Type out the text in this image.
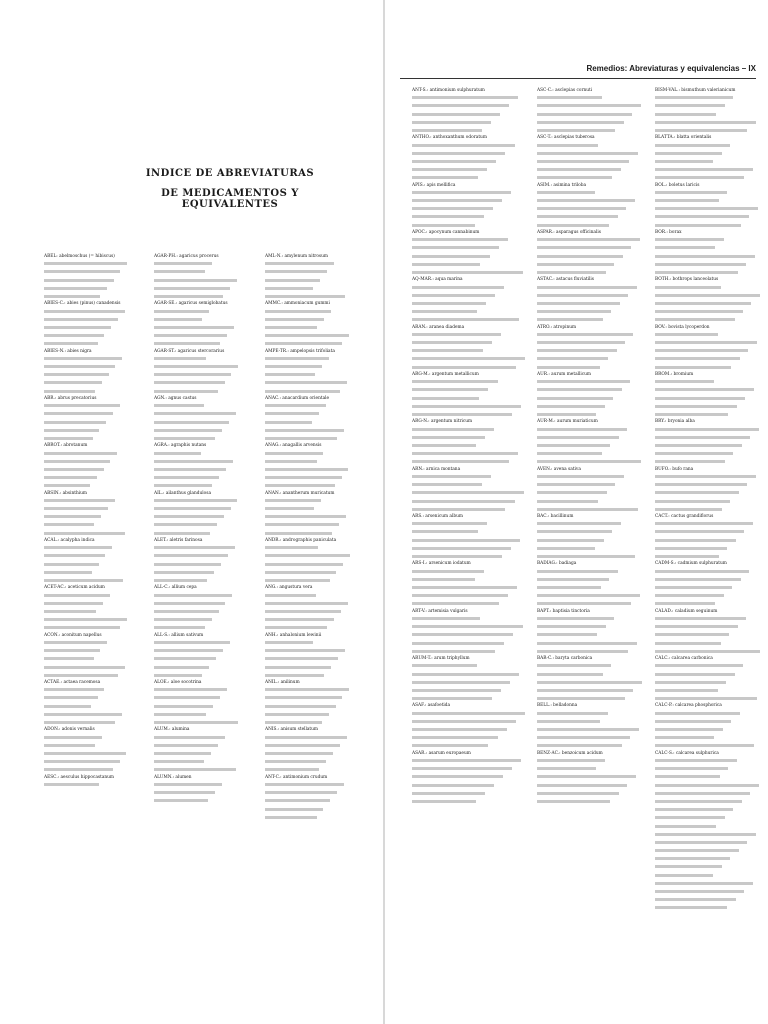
INDICE DE ABREVIATURAS
DE MEDICAMENTOS Y EQUIVALENTES
Remedios: Abreviaturas y equivalencias – IX

ABEL: abelmoschus (= hibiscus)

ABIES-C.: abies (pinus) canadensis

ABIES-N.: abies nigra

ABR.: abrus precatorius

ABROT.: abrotanum

ABSIN.: absinthium

ACAL.: acalypha indica

ACET-AC.: aceticum acidum

ACON.: aconitum napellus

ACTAE.: actaea racemosa

ADON.: adonis vernalis

AESC.: aesculus hippocastanum

AGAR-PH.: agaricus procerus

AGAR-SE.: agaricus semiglobatus

AGAR-ST.: agaricus stercorarius

AGN.: agnus castus

AGRA.: agraphis nutans

AIL.: ailanthus glandulosa

ALET.: aletris farinosa

ALL-C.: allium cepa

ALL-S.: allium sativum

ALOE.: aloe socotrina

ALUM.: alumina

ALUMN.: alumen

AML-N.: amylenum nitrosum

AMMC.: ammoniacum gummi

AMPE-TR.: ampelopsis trifoliata

ANAC.: anacardium orientale

ANAG.: anagallis arvensis

ANAN.: anantherum muricatum

ANDR.: andrographis paniculata

ANG.: angustura vera

ANH.: anhalonium lewinii

ANIL.: anilinum

ANIS.: anisum stellatum

ANT-C.: antimonium crudum

ANT-S.: antimonium sulphuratum

ANTHO.: anthoxanthum odoratum

APIS.: apis mellifica

APOC.: apocynum cannabinum

AQ-MAR.: aqua marina

ARAN.: aranea diadema

ARG-M.: argentum metallicum

ARG-N.: argentum nitricum

ARN.: arnica montana

ARS.: arsenicum album

ARS-I.: arsenicum iodatum

ART-V.: artemisia vulgaris

ARUM-T.: arum triphyllum

ASAF.: asafoetida

ASAR.: asarum europaeum

ASC-C.: asclepias cornuti

ASC-T.: asclepias tuberosa

ASIM.: asimina triloba

ASPAR.: asparagus officinalis

ASTAC.: astacus fluviatilis

ATRO.: atropinum

AUR.: aurum metallicum

AUR-M.: aurum muriaticum

AVEN.: avena sativa

BAC.: bacillinum

BADIAG.: badiaga

BAPT.: baptisia tinctoria

BAR-C.: baryta carbonica

BELL.: belladonna

BENZ-AC.: benzoicum acidum

BISM-VAL.: bismuthum valerianicum

BLATTA.: blatta orientalis

BOL.: boletus laricis

BOR.: borax

BOTH.: bothrops lanceolatus

BOV.: bovista lycoperdon

BROM.: bromium

BRY.: bryonia alba

BUFO.: bufo rana

CACT.: cactus grandiflorus

CADM-S.: cadmium sulphuratum

CALAD.: caladium seguinum

CALC.: calcarea carbonica

CALC-P.: calcarea phosphorica

CALC-S.: calcarea sulphurica
